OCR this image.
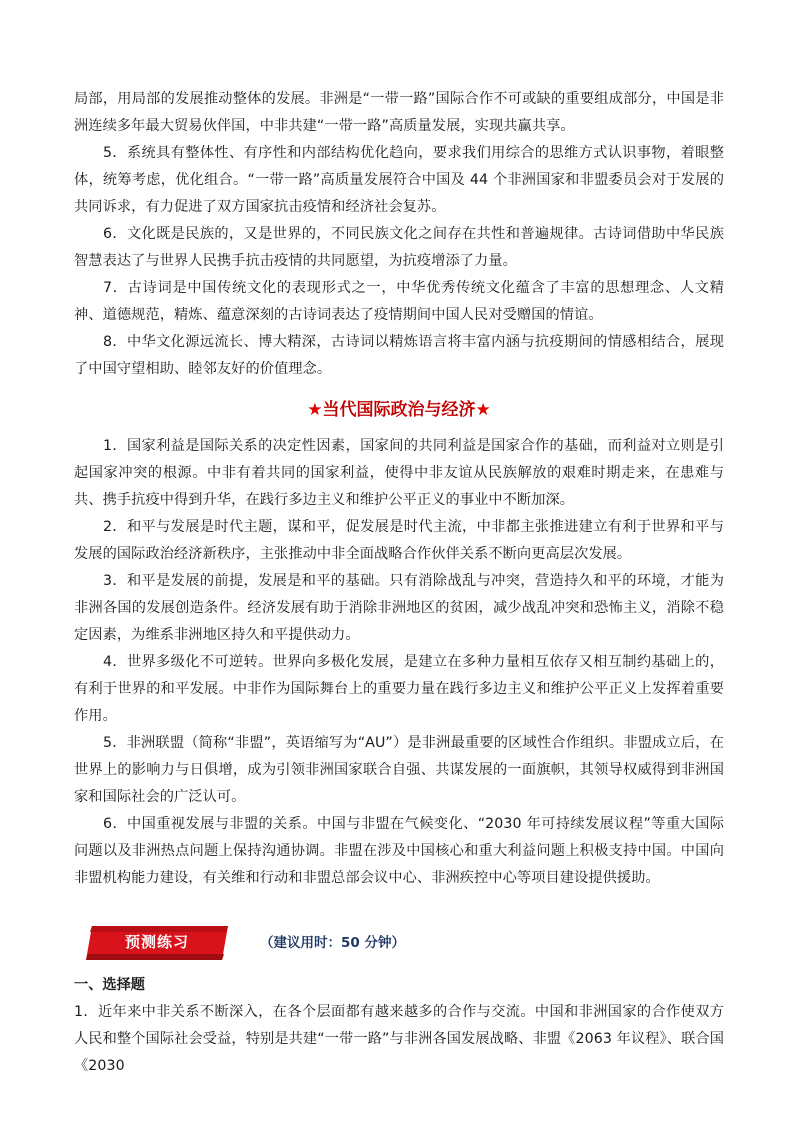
局部，用局部的发展推动整体的发展。非洲是“一带一路”国际合作不可或缺的重要组成部分，中国是非洲连续多年最大贸易伙伴国，中非共建“一带一路”高质量发展，实现共赢共享。

5．系统具有整体性、有序性和内部结构优化趋向，要求我们用综合的思维方式认识事物，着眼整体，统筹考虑，优化组合。“一带一路”高质量发展符合中国及 44 个非洲国家和非盟委员会对于发展的共同诉求，有力促进了双方国家抗击疫情和经济社会复苏。

6．文化既是民族的，又是世界的，不同民族文化之间存在共性和普遍规律。古诗词借助中华民族智慧表达了与世界人民携手抗击疫情的共同愿望，为抗疫增添了力量。

7．古诗词是中国传统文化的表现形式之一，中华优秀传统文化蕴含了丰富的思想理念、人文精神、道德规范，精炼、蕴意深刻的古诗词表达了疫情期间中国人民对受赠国的情谊。

8．中华文化源远流长、博大精深，古诗词以精炼语言将丰富内涵与抗疫期间的情感相结合，展现了中国守望相助、睦邻友好的价值理念。

★当代国际政治与经济★

1．国家利益是国际关系的决定性因素，国家间的共同利益是国家合作的基础，而利益对立则是引起国家冲突的根源。中非有着共同的国家利益，使得中非友谊从民族解放的艰难时期走来，在患难与共、携手抗疫中得到升华，在践行多边主义和维护公平正义的事业中不断加深。

2．和平与发展是时代主题，谋和平，促发展是时代主流，中非都主张推进建立有利于世界和平与发展的国际政治经济新秩序，主张推动中非全面战略合作伙伴关系不断向更高层次发展。

3．和平是发展的前提，发展是和平的基础。只有消除战乱与冲突，营造持久和平的环境，才能为非洲各国的发展创造条件。经济发展有助于消除非洲地区的贫困，减少战乱冲突和恐怖主义，消除不稳定因素，为维系非洲地区持久和平提供动力。

4．世界多级化不可逆转。世界向多极化发展，是建立在多种力量相互依存又相互制约基础上的，有利于世界的和平发展。中非作为国际舞台上的重要力量在践行多边主义和维护公平正义上发挥着重要作用。

5．非洲联盟（简称“非盟”，英语缩写为“AU”）是非洲最重要的区域性合作组织。非盟成立后，在世界上的影响力与日俱增，成为引领非洲国家联合自强、共谋发展的一面旗帜，其领导权威得到非洲国家和国际社会的广泛认可。

6．中国重视发展与非盟的关系。中国与非盟在气候变化、“2030 年可持续发展议程”等重大国际问题以及非洲热点问题上保持沟通协调。非盟在涉及中国核心和重大利益问题上积极支持中国。中国向非盟机构能力建设，有关维和行动和非盟总部会议中心、非洲疾控中心等项目建设提供援助。

预测练习	（建议用时：50 分钟）
一、选择题

1．近年来中非关系不断深入，在各个层面都有越来越多的合作与交流。中国和非洲国家的合作使双方人民和整个国际社会受益，特别是共建“一带一路”与非洲各国发展战略、非盟《2063 年议程》、联合国《2030
